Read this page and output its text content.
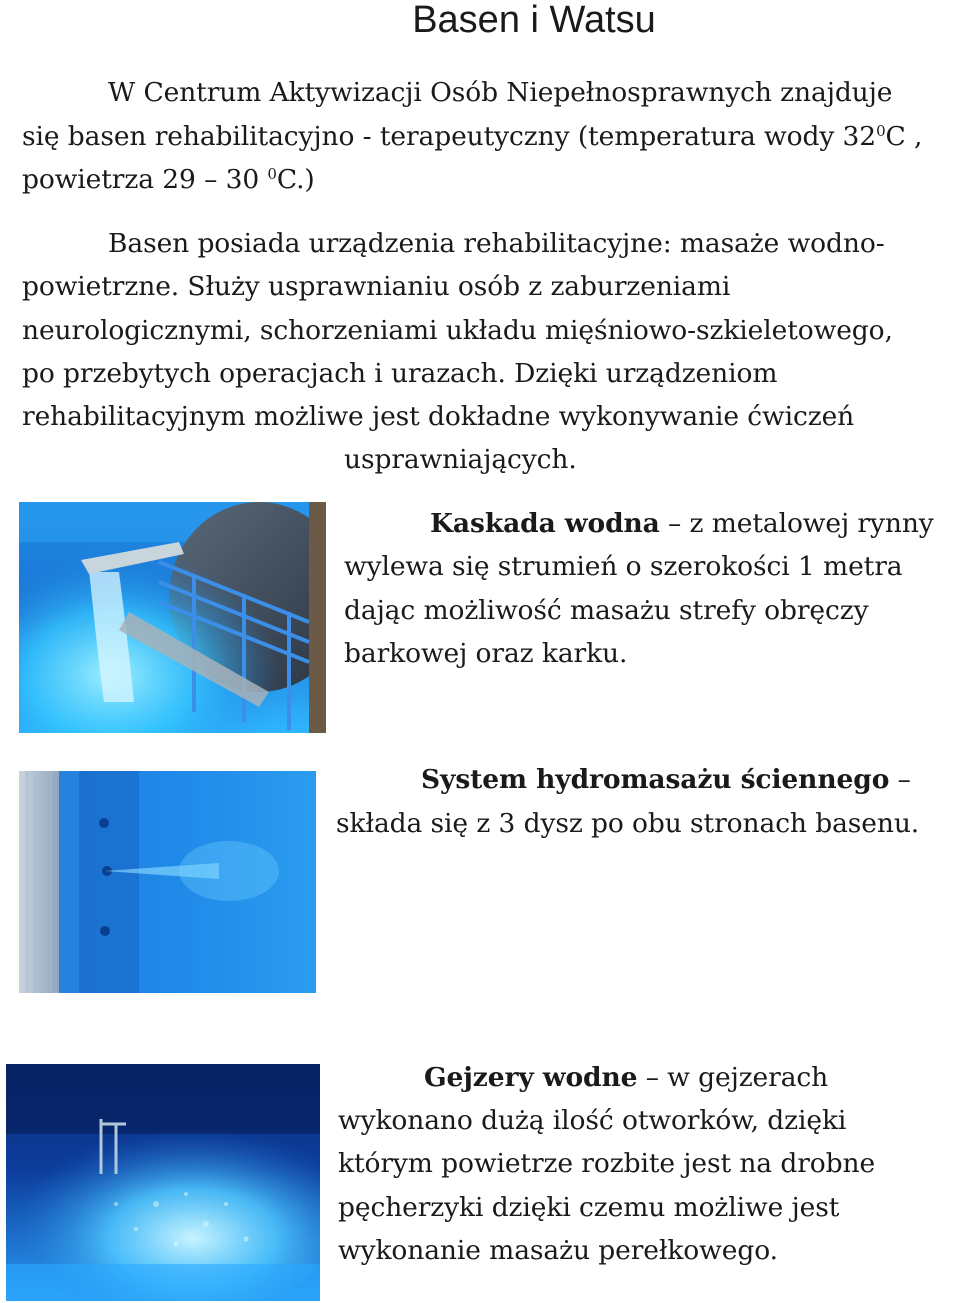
Basen i Watsu

W Centrum Aktywizacji Osób Niepełnosprawnych znajduje

się basen rehabilitacyjno - terapeutyczny (temperatura wody $32^0C$ ,

powietrza 29 – 30 $^0$C.)

Basen posiada urządzenia rehabilitacyjne: masaże wodno-

powietrzne. Służy usprawnianiu osób z zaburzeniami

neurologicznymi, schorzeniami układu mięśniowo-szkieletowego,

po przebytych operacjach i urazach. Dzięki urządzeniom

rehabilitacyjnym możliwe jest dokładne wykonywanie ćwiczeń

usprawniających.

Kaskada wodna – z metalowej rynny

wylewa się strumień o szerokości 1 metra

dając możliwość masażu strefy obręczy

barkowej oraz karku.

System hydromasażu ściennego –

składa się z 3 dysz po obu stronach basenu.

Gejzery wodne – w gejzerach

wykonano dużą ilość otworków, dzięki

którym powietrze rozbite jest na drobne

pęcherzyki dzięki czemu możliwe jest

wykonanie masażu perełkowego.
